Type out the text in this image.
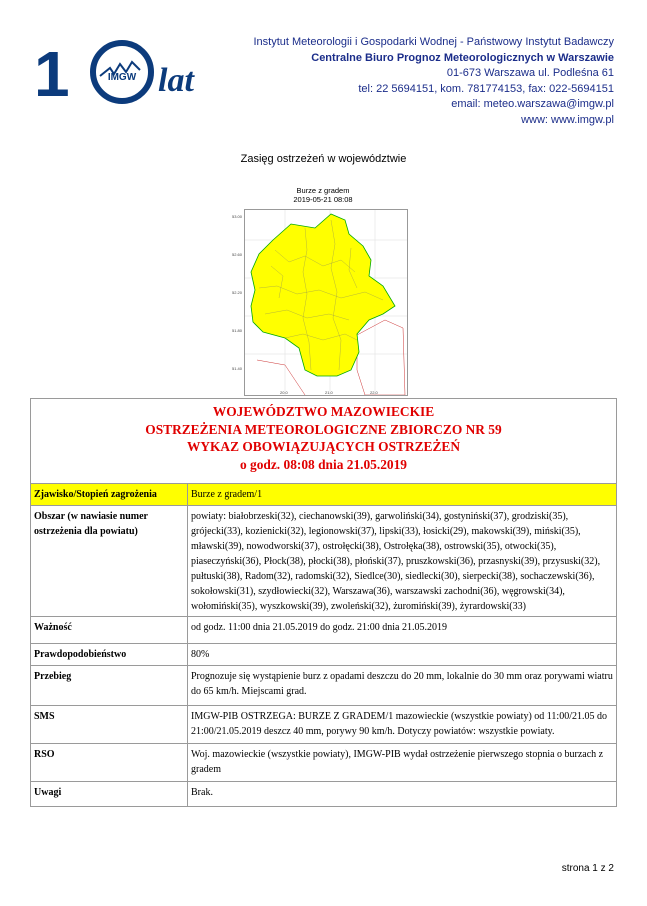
1	IMGW lat
Instytut Meteorologii i Gospodarki Wodnej - Państwowy Instytut Badawczy
Centralne Biuro Prognoz Meteorologicznych w Warszawie
01-673 Warszawa ul. Podleśna 61
tel: 22 5694151, kom. 781774153, fax: 022-5694151
email: meteo.warszawa@imgw.pl
www: www.imgw.pl
Zasięg ostrzeżeń w województwie
Burze z gradem
2019-05-21 08:08
53.00
52.60
52.20
51.80
51.40
20.0	21.0	22.0
WOJEWÓDZTWO MAZOWIECKIE
OSTRZEŻENIA METEOROLOGICZNE ZBIORCZO NR 59
WYKAZ OBOWIĄZUJĄCYCH OSTRZEŻEŃ
o godz. 08:08 dnia 21.05.2019	

Zjawisko/Stopień zagrożenia	Burze z gradem/1
Obszar (w nawiasie numer ostrzeżenia dla powiatu)	powiaty: białobrzeski(32), ciechanowski(39), garwoliński(34), gostyniński(37), grodziski(35), grójecki(33), kozienicki(32), legionowski(37), lipski(33), łosicki(29), makowski(39), miński(35), mławski(39), nowodworski(37), ostrołęcki(38), Ostrołęka(38), ostrowski(35), otwocki(35), piaseczyński(36), Płock(38), płocki(38), płoński(37), pruszkowski(36), przasnyski(39), przysuski(32), pułtuski(38), Radom(32), radomski(32), Siedlce(30), siedlecki(30), sierpecki(38), sochaczewski(36), sokołowski(31), szydłowiecki(32), Warszawa(36), warszawski zachodni(36), węgrowski(34), wołomiński(35), wyszkowski(39), zwoleński(32), żuromiński(39), żyrardowski(33)
Ważność	od godz. 11:00 dnia 21.05.2019 do godz. 21:00 dnia 21.05.2019
Prawdopodobieństwo	80%
Przebieg	Prognozuje się wystąpienie burz z opadami deszczu do 20 mm, lokalnie do 30 mm oraz porywami wiatru do 65 km/h. Miejscami grad.
SMS	IMGW-PIB OSTRZEGA: BURZE Z GRADEM/1 mazowieckie (wszystkie powiaty) od 11:00/21.05 do 21:00/21.05.2019 deszcz 40 mm, porywy 90 km/h. Dotyczy powiatów: wszystkie powiaty.
RSO	Woj. mazowieckie (wszystkie powiaty), IMGW-PIB wydał ostrzeżenie pierwszego stopnia o burzach z gradem
Uwagi	Brak.
strona 1 z 2
